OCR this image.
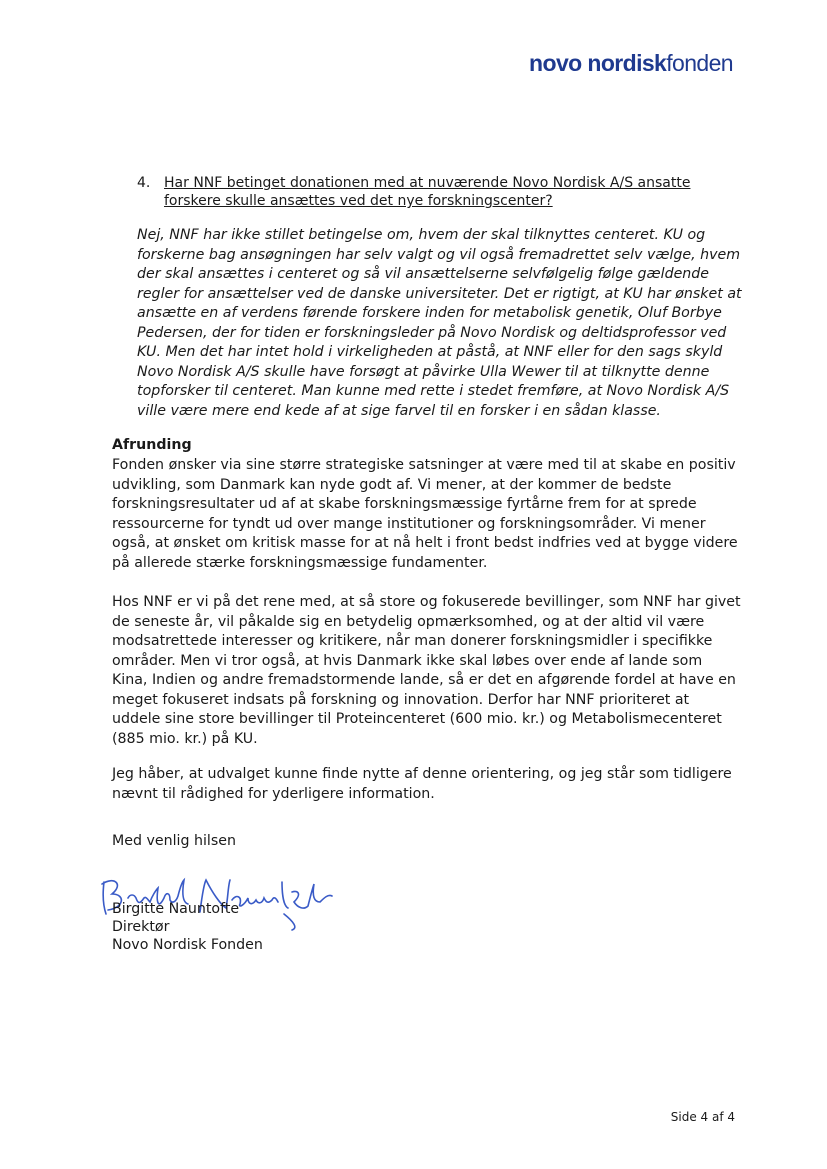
novo nordiskfonden
4. Har NNF betinget donationen med at nuværende Novo Nordisk A/S ansatte forskere skulle ansættes ved det nye forskningscenter?

Nej, NNF har ikke stillet betingelse om, hvem der skal tilknyttes centeret. KU og forskerne bag ansøgningen har selv valgt og vil også fremadrettet selv vælge, hvem der skal ansættes i centeret og så vil ansættelserne selvfølgelig følge gældende regler for ansættelser ved de danske universiteter. Det er rigtigt, at KU har ønsket at ansætte en af verdens førende forskere inden for metabolisk genetik, Oluf Borbye Pedersen, der for tiden er forskningsleder på Novo Nordisk og deltidsprofessor ved KU. Men det har intet hold i virkeligheden at påstå, at NNF eller for den sags skyld Novo Nordisk A/S skulle have forsøgt at påvirke Ulla Wewer til at tilknytte denne topforsker til centeret. Man kunne med rette i stedet fremføre, at Novo Nordisk A/S ville være mere end kede af at sige farvel til en forsker i en sådan klasse.

Afrunding

Fonden ønsker via sine større strategiske satsninger at være med til at skabe en positiv udvikling, som Danmark kan nyde godt af. Vi mener, at der kommer de bedste forskningsresultater ud af at skabe forskningsmæssige fyrtårne frem for at sprede ressourcerne for tyndt ud over mange institutioner og forskningsområder. Vi mener også, at ønsket om kritisk masse for at nå helt i front bedst indfries ved at bygge videre på allerede stærke forskningsmæssige fundamenter.

Hos NNF er vi på det rene med, at så store og fokuserede bevillinger, som NNF har givet de seneste år, vil påkalde sig en betydelig opmærksomhed, og at der altid vil være modsatrettede interesser og kritikere, når man donerer forskningsmidler i specifikke områder. Men vi tror også, at hvis Danmark ikke skal løbes over ende af lande som Kina, Indien og andre fremadstormende lande, så er det en afgørende fordel at have en meget fokuseret indsats på forskning og innovation. Derfor har NNF prioriteret at uddele sine store bevillinger til Proteincenteret (600 mio. kr.) og Metabolismecenteret (885 mio. kr.) på KU.

Jeg håber, at udvalget kunne finde nytte af denne orientering, og jeg står som tidligere nævnt til rådighed for yderligere information.

Med venlig hilsen

Birgitte Nauntofte
Direktør
Novo Nordisk Fonden
Side 4 af 4
